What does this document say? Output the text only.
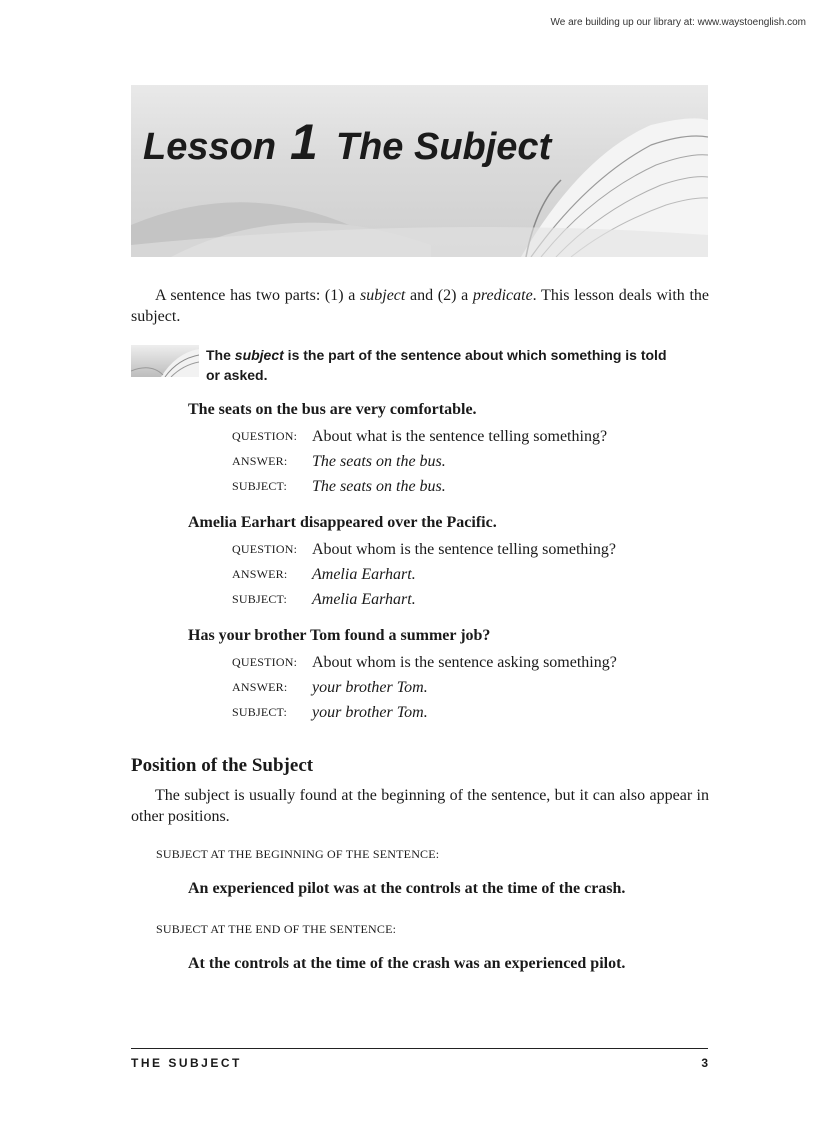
We are building up our library at: www.waystoenglish.com
Lesson 1 The Subject

A sentence has two parts: (1) a subject and (2) a predicate. This lesson deals with the subject.

The subject is the part of the sentence about which something is told or asked.
The seats on the bus are very comfortable.
QUESTION: About what is the sentence telling something?
ANSWER: The seats on the bus.
SUBJECT: The seats on the bus.
Amelia Earhart disappeared over the Pacific.
QUESTION: About whom is the sentence telling something?
ANSWER: Amelia Earhart.
SUBJECT: Amelia Earhart.
Has your brother Tom found a summer job?
QUESTION: About whom is the sentence asking something?
ANSWER: your brother Tom.
SUBJECT: your brother Tom.
Position of the Subject

The subject is usually found at the beginning of the sentence, but it can also appear in other positions.

SUBJECT AT THE BEGINNING OF THE SENTENCE:
An experienced pilot was at the controls at the time of the crash.
SUBJECT AT THE END OF THE SENTENCE:
At the controls at the time of the crash was an experienced pilot.
THE SUBJECT	3
